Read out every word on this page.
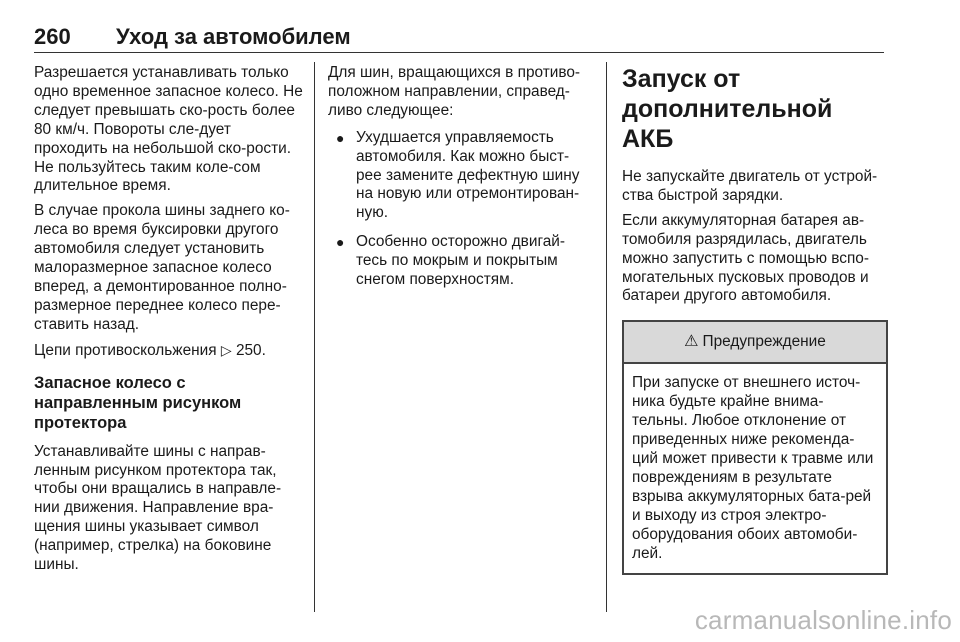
260 Уход за автомобилем

Разрешается устанавливать только одно временное запасное колесо. Не следует превышать ско-рость более 80 км/ч. Повороты сле-дует проходить на небольшой ско-рости. Не пользуйтесь таким коле-сом длительное время.

В случае прокола шины заднего ко-леса во время буксировки другого автомобиля следует установить малоразмерное запасное колесо вперед, а демонтированное полно-размерное переднее колесо пере-ставить назад.

Цепи противоскольжения ▷ 250.

Запасное колесо с направленным рисунком протектора

Устанавливайте шины с направ-ленным рисунком протектора так, чтобы они вращались в направле-нии движения. Направление вра-щения шины указывает символ (например, стрелка) на боковине шины.

Для шин, вращающихся в противо-положном направлении, справед-ливо следующее:

● Ухудшается управляемость автомобиля. Как можно быст-рее замените дефектную шину на новую или отремонтирован-ную.
● Особенно осторожно двигай-тесь по мокрым и покрытым снегом поверхностям.
Запуск от дополнительной АКБ

Не запускайте двигатель от устрой-ства быстрой зарядки.

Если аккумуляторная батарея ав-томобиля разрядилась, двигатель можно запустить с помощью вспо-могательных пусковых проводов и батареи другого автомобиля.

⚠ Предупреждение
При запуске от внешнего источ-ника будьте крайне внима-тельны. Любое отклонение от приведенных ниже рекоменда-ций может привести к травме или повреждениям в результате взрыва аккумуляторных бата-рей и выходу из строя электро-оборудования обоих автомоби-лей.
carmanualsonline.info
